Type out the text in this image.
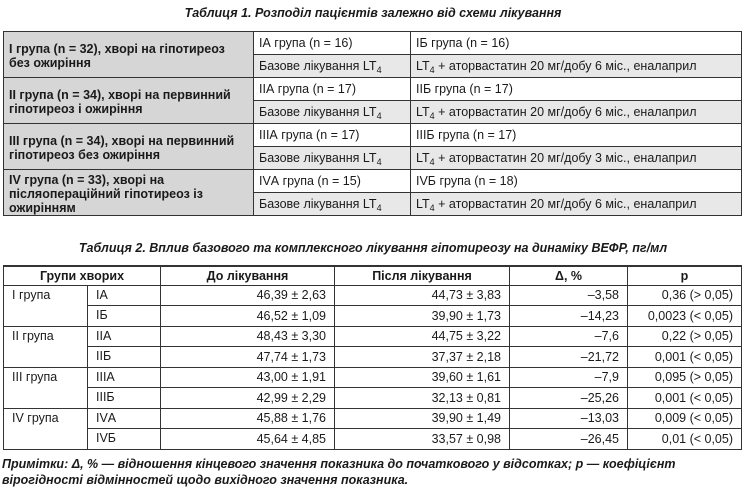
Таблиця 1. Розподіл пацієнтів залежно від схеми лікування
I група (n = 32), хворі на гіпотиреоз без ожиріння	IА група (n = 16)	IБ група (n = 16)
	Базове лікування $LT_4$	$LT_4$ + аторвастатин 20 мг/добу 6 міс., еналаприл
II група (n = 34), хворі на первинний гіпотиреоз і ожиріння	IIА група (n = 17)	IIБ група (n = 17)
	Базове лікування $LT_4$	$LT_4$ + аторвастатин 20 мг/добу 6 міс., еналаприл
III група (n = 34), хворі на первинний гіпотиреоз без ожиріння	IIIА група (n = 17)	IIIБ група (n = 17)
	Базове лікування $LT_4$	$LT_4$ + аторвастатин 20 мг/добу 3 міс., еналаприл
IV група (n = 33), хворі на післяопераційний гіпотиреоз із ожирінням	IVА група (n = 15)	IVБ група (n = 18)
	Базове лікування $LT_4$	$LT_4$ + аторвастатин 20 мг/добу 6 міс., еналаприл
Таблиця 2. Вплив базового та комплексного лікування гіпотиреозу на динаміку ВЕФР, пг/мл
Групи хворих		До лікування	Після лікування	Δ, %	p
I група	IА	46,39 ± 2,63	44,73 ± 3,83	–3,58	0,36 (> 0,05)
	IБ	46,52 ± 1,09	39,90 ± 1,73	–14,23	0,0023 (< 0,05)
II група	IIА	48,43 ± 3,30	44,75 ± 3,22	–7,6	0,22 (> 0,05)
	IIБ	47,74 ± 1,73	37,37 ± 2,18	–21,72	0,001 (< 0,05)
III група	IIIА	43,00 ± 1,91	39,60 ± 1,61	–7,9	0,095 (> 0,05)
	IIIБ	42,99 ± 2,29	32,13 ± 0,81	–25,26	0,001 (< 0,05)
IV група	IVА	45,88 ± 1,76	39,90 ± 1,49	–13,03	0,009 (< 0,05)
	IVБ	45,64 ± 4,85	33,57 ± 0,98	–26,45	0,01 (< 0,05)
Примітки: Δ, % — відношення кінцевого значення показника до початкового у відсотках; p — коефіцієнт вірогідності відмінностей щодо вихідного значення показника.
